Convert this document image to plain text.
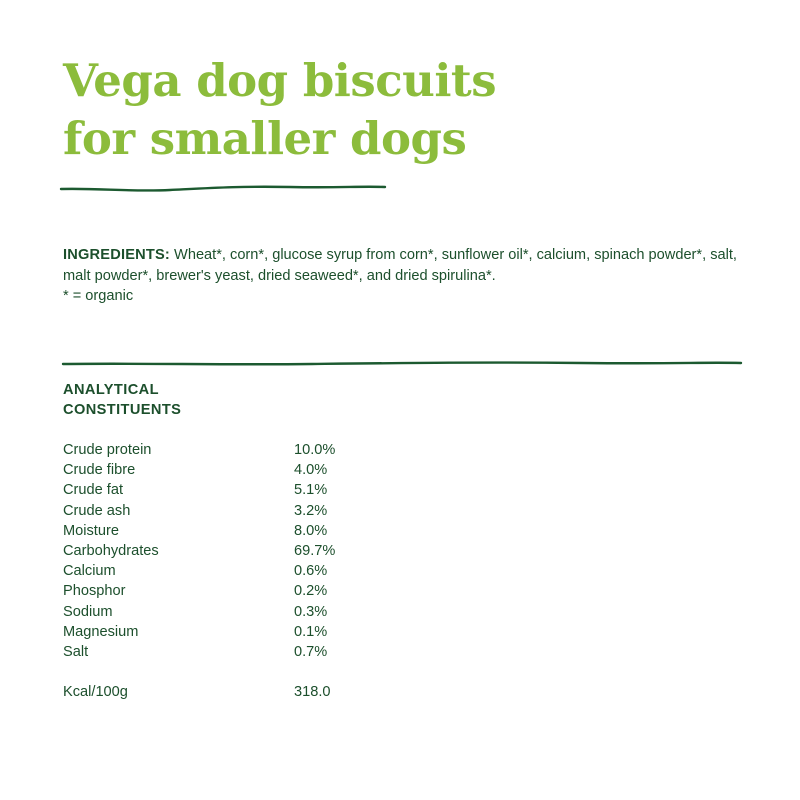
Vega dog biscuits
for smaller dogs

INGREDIENTS: Wheat*, corn*, glucose syrup from corn*, sunflower oil*, calcium, spinach powder*, salt, malt powder*, brewer's yeast, dried seaweed*, and dried spirulina*.

* = organic

ANALYTICAL
CONSTITUENTS
Crude protein	10.0%
Crude fibre	4.0%
Crude fat	5.1%
Crude ash	3.2%
Moisture	8.0%
Carbohydrates	69.7%
Calcium	0.6%
Phosphor	0.2%
Sodium	0.3%
Magnesium	0.1%
Salt	0.7%
Kcal/100g	318.0
